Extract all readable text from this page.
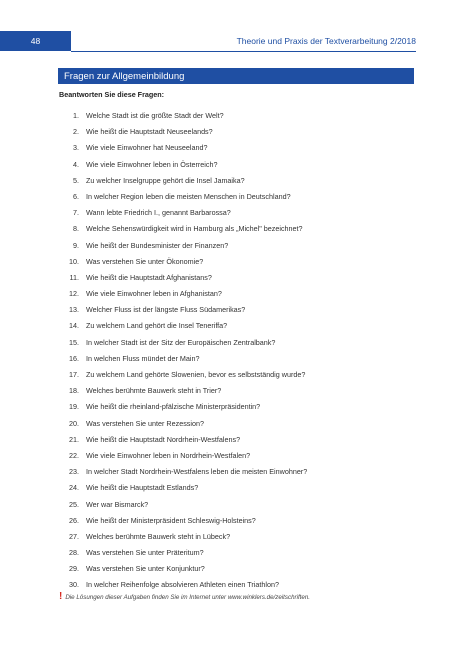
48	Theorie und Praxis der Textverarbeitung 2/2018
Fragen zur Allgemeinbildung
Beantworten Sie diese Fragen:
1. Welche Stadt ist die größte Stadt der Welt?
2. Wie heißt die Hauptstadt Neuseelands?
3. Wie viele Einwohner hat Neuseeland?
4. Wie viele Einwohner leben in Österreich?
5. Zu welcher Inselgruppe gehört die Insel Jamaika?
6. In welcher Region leben die meisten Menschen in Deutschland?
7. Wann lebte Friedrich I., genannt Barbarossa?
8. Welche Sehenswürdigkeit wird in Hamburg als „Michel" bezeichnet?
9. Wie heißt der Bundesminister der Finanzen?
10. Was verstehen Sie unter Ökonomie?
11. Wie heißt die Hauptstadt Afghanistans?
12. Wie viele Einwohner leben in Afghanistan?
13. Welcher Fluss ist der längste Fluss Südamerikas?
14. Zu welchem Land gehört die Insel Teneriffa?
15. In welcher Stadt ist der Sitz der Europäischen Zentralbank?
16. In welchen Fluss mündet der Main?
17. Zu welchem Land gehörte Slowenien, bevor es selbstständig wurde?
18. Welches berühmte Bauwerk steht in Trier?
19. Wie heißt die rheinland-pfälzische Ministerpräsidentin?
20. Was verstehen Sie unter Rezession?
21. Wie heißt die Hauptstadt Nordrhein-Westfalens?
22. Wie viele Einwohner leben in Nordrhein-Westfalen?
23. In welcher Stadt Nordrhein-Westfalens leben die meisten Einwohner?
24. Wie heißt die Hauptstadt Estlands?
25. Wer war Bismarck?
26. Wie heißt der Ministerpräsident Schleswig-Holsteins?
27. Welches berühmte Bauwerk steht in Lübeck?
28. Was verstehen Sie unter Präteritum?
29. Was verstehen Sie unter Konjunktur?
30. In welcher Reihenfolge absolvieren Athleten einen Triathlon?
! Die Lösungen dieser Aufgaben finden Sie im Internet unter www.winklers.de/zeitschriften.
